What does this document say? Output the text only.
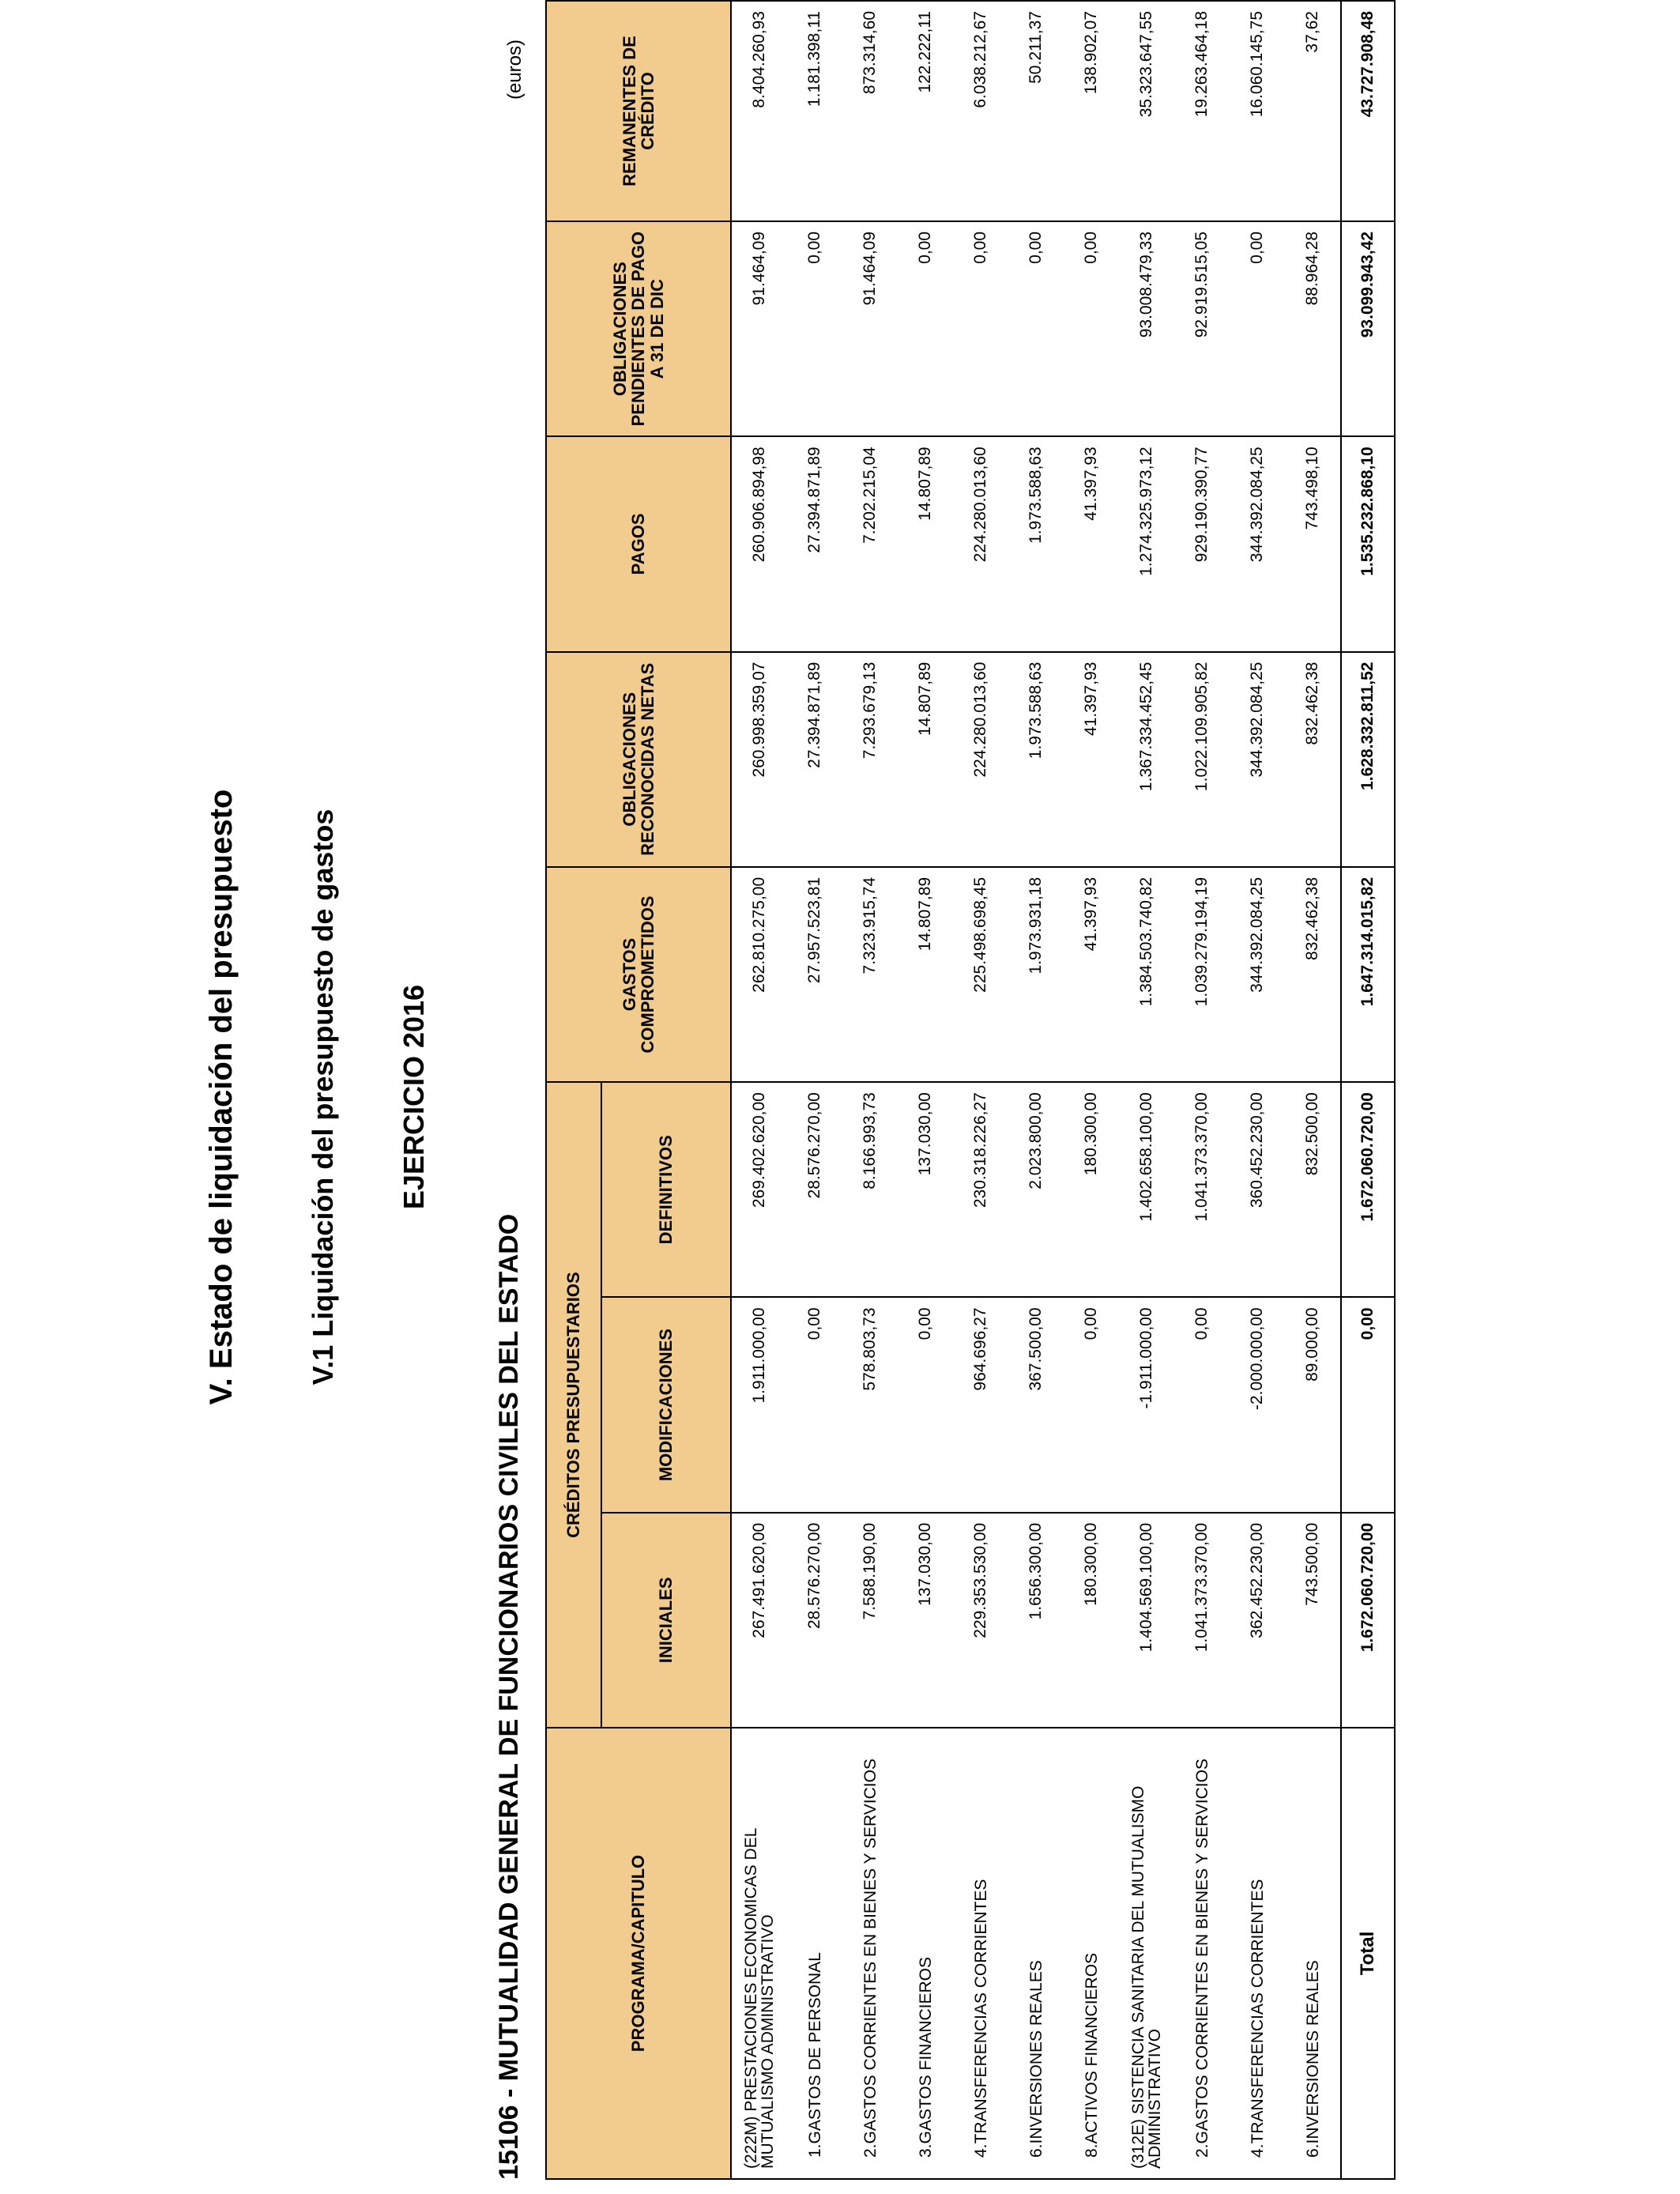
V. Estado de liquidación del presupuesto V.1 Liquidación del presupuesto de gastos EJERCICIO 2016
15106 - MUTUALIDAD GENERAL DE FUNCIONARIOS CIVILES DEL ESTADO
(euros)
PROGRAMA/CAPITULO	CRÉDITOS PRESUPUESTARIOS			GASTOS COMPROMETIDOS	OBLIGACIONES RECONOCIDAS NETAS	PAGOS	OBLIGACIONES PENDIENTES DE PAGO A 31 DE DIC	REMANENTES DE CRÉDITO
	INICIALES	MODIFICACIONES	DEFINITIVOS					
(222M) PRESTACIONES ECONOMICAS DEL MUTUALISMO ADMINISTRATIVO	267.491.620,00	1.911.000,00	269.402.620,00	262.810.275,00	260.998.359,07	260.906.894,98	91.464,09	8.404.260,93
1.GASTOS DE PERSONAL	28.576.270,00	0,00	28.576.270,00	27.957.523,81	27.394.871,89	27.394.871,89	0,00	1.181.398,11
2.GASTOS CORRIENTES EN BIENES Y SERVICIOS	7.588.190,00	578.803,73	8.166.993,73	7.323.915,74	7.293.679,13	7.202.215,04	91.464,09	873.314,60
3.GASTOS FINANCIEROS	137.030,00	0,00	137.030,00	14.807,89	14.807,89	14.807,89	0,00	122.222,11
4.TRANSFERENCIAS CORRIENTES	229.353.530,00	964.696,27	230.318.226,27	225.498.698,45	224.280.013,60	224.280.013,60	0,00	6.038.212,67
6.INVERSIONES REALES	1.656.300,00	367.500,00	2.023.800,00	1.973.931,18	1.973.588,63	1.973.588,63	0,00	50.211,37
8.ACTIVOS FINANCIEROS	180.300,00	0,00	180.300,00	41.397,93	41.397,93	41.397,93	0,00	138.902,07
(312E) SISTENCIA SANITARIA DEL MUTUALISMO ADMINISTRATIVO	1.404.569.100,00	-1.911.000,00	1.402.658.100,00	1.384.503.740,82	1.367.334.452,45	1.274.325.973,12	93.008.479,33	35.323.647,55
2.GASTOS CORRIENTES EN BIENES Y SERVICIOS	1.041.373.370,00	0,00	1.041.373.370,00	1.039.279.194,19	1.022.109.905,82	929.190.390,77	92.919.515,05	19.263.464,18
4.TRANSFERENCIAS CORRIENTES	362.452.230,00	-2.000.000,00	360.452.230,00	344.392.084,25	344.392.084,25	344.392.084,25	0,00	16.060.145,75
6.INVERSIONES REALES	743.500,00	89.000,00	832.500,00	832.462,38	832.462,38	743.498,10	88.964,28	37,62
Total	1.672.060.720,00	0,00	1.672.060.720,00	1.647.314.015,82	1.628.332.811,52	1.535.232.868,10	93.099.943,42	43.727.908,48
